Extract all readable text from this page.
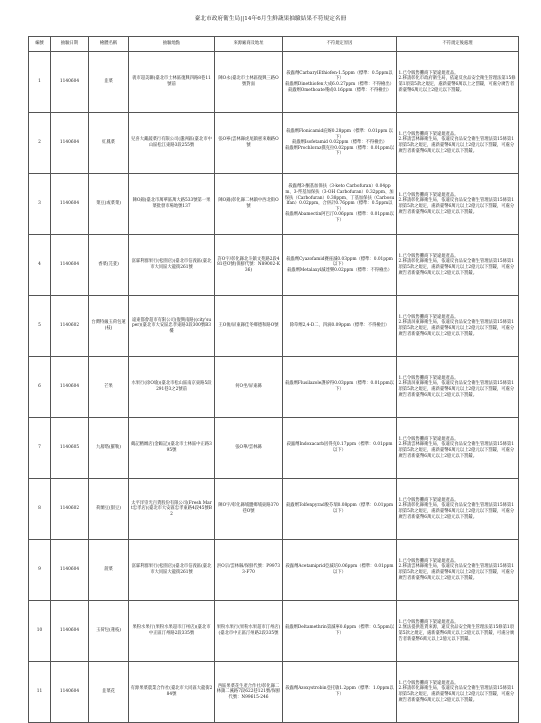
臺北市政府衛生局||14年6月生鮮蔬果抽驗結果不符規定名冊
編號	抽驗日期	檢體名稱	抽驗地點	來源廠商及地址	不符規定原因	不符規定後處理
1	1140604	韭菜	義市超美聯(臺北市士林區復興四路8巷11號前	陳O永(臺北市士林區復興三路O號對面	殺蟲劑CarbarylEthiofen-1.5ppm（標準：0.5ppm以下）
殺蟲劑Dinethiofen大成6.0.27ppm（標準：不得檢出）
殺蟲劑Omethoate殘成0.16ppm（標準：不得檢出）	1.已令販售攤商下架違規產品。
2.移請彰化市政府衛生局，依違反食品安全衛生管理法第15條第1項第5款之規定，處新臺幣6萬以上之罰鍰，可處分廣告者新臺幣6萬元以上2億元以下罰鍰。

2	1140604	紅鳳菜	兒喜大藏蔬菜行有限公司(蘆洲區(臺北市中山區松江東路3段255號	張O寧(雲林縣虎尾鎮惠來廟路O號	殺蟲劑Flonicamid庇蚜0.28ppm（標準：0.01ppm 以下）
殺蟲劑Isofetamid 0.02ppm（標準：不得檢出）
殺蟲劑Prochloraz撲克拉0.02ppm（標準：0.01ppm以下）	1.已令販售攤商下架違規產品。
2.移請雲林縣衛生局，依違反食品安全衛生管理法第15條第1項第5款之規定，處新臺幣6萬元以上2億元以下罰鍰，可處分廣告者新臺幣6萬元以上2億元以下罰鍰。

3	1140604	菜豆(或菜菜)	陳O錦(臺北市萬華區萬大路533號第一果菜批發市場地號137	陳O錦(彰化縣二林鎮中西北街O號	殺蟲劑3-酮基加保扶（3-keto Carbofuran）0.04ppm、3-羥基加保扶（3-OH Carbofuran）0.32ppm、加保扶（Carbofuran）0.38ppm、丁基加保扶（Carbosulfan）0.02ppm，合併計0.76ppm（標準：0.5ppm以下）
殺蟲劑Abamectin阿巴汀0.06ppm（標準：0.01ppm以下）	1.已令販售攤商下架違規產品。
2.移請彰化縣衛生局，依違反食品安全衛生管理法第15條第1項第5款之規定，處新臺幣6萬元以上2億元以下罰鍰，可處分廣告者新臺幣6萬元以上2億元以下罰鍰。

4	1140604	香菜(芫荽)	富霖利群果行(松園店)(臺北市信義區(臺北市大同區大龍街261號	許O宇/彰化縣北斗鎮文苑路2段481巷O號(保鮮代號：N89002-K36)	殺蟲劑Cyazofamid賽座滅0.03ppm（標準：0.01ppm以下）
殺蟲劑Metalaxyl滅達樂0.02ppm（標準：不得檢出）	1.已令販售攤商下架違規產品。
2.移請彰化縣衛生局，依違反食品安全衛生管理法第15條第1項第5款之規定，處新臺幣6萬元以上2億元以下罰鍰，可處分廣告者新臺幣6萬元以上2億元以下罰鍰。

5	1140602	台灣特級玉荷包蓮(枝)	遠東都會超市有限公司(復興南路)(city'super)(臺北市大安區忠孝東路3段300號B3樓	王O俊/屏東縣佳冬鄉德和路O號	除草劑2,4-D二、四滴0.09ppm（標準：不得檢出）	1.已令販售攤商下架違規產品。
2.移請屏東縣衛生局，依違反食品安全衛生管理法第15條第1項第5款之規定，處新臺幣6萬元以上2億元以下罰鍰，可處分廣告者新臺幣6萬元以上2億元以下罰鍰。

6	1140604	芒果	水果行(徐O瑜)(臺北市松山區南京東路5段291巷3之2號前	何O坐/屏東縣	殺蟲劑Flusilazole護矽得0.03ppm（標準：0.01ppm以下）	1.已令販售攤商下架違規產品。
2.移請屏東縣衛生局，依違反食品安全衛生管理法第15條第1項第5款之規定，處新臺幣6萬元以上2億元以下罰鍰，可處分廣告者新臺幣6萬元以上2億元以下罰鍰。

7	1140605	九層塔(羅勒)	鶴記精緻店(金鶴記)(臺北市士林區中正路395號	張O華/雲林縣	殺蟲劑Indoxacarb因得克0.17ppm（標準：0.01ppm以下）	1.已令販售攤商下架違規產品。
2.移請雲林縣衛生局，依違反食品安全衛生管理法第15條第1項第5款之規定，處新臺幣6萬元以上2億元以下罰鍰，可處分廣告者新臺幣6萬元以上2億元以下罰鍰。

8	1140602	荷蘭豆(甜豆)	太平洋崇光百貨股份有限公司(Fresh Mart忠孝店)(臺北市大安區忠孝東路4段45號B2	陳O宇/彰化縣埔鹽鄉埔東路370巷O號	殺蟲劑Tolfenpyrad脫芬瑞0.08ppm（標準：0.01ppm以下）	1.已令販售攤商下架違規產品。
2.移請彰化縣衛生局，依違反食品安全衛生管理法第15條第1項第5款之規定，處新臺幣6萬元以上2億元以下罰鍰，可處分廣告者新臺幣6萬元以上2億元以下罰鍰。

9	1140604	菠菜	富霖利群果行(松園店)(臺北市信義區(臺北市大同區大龍街261號	洪O宗/雲林縣/保鮮代號：P99733-F70	殺蟲劑Acetamiprid亞滅培0.06ppm（標準：0.01ppm以下）	1.已令販售攤商下架違規產品。
2.移請雲林縣衛生局，依違反食品安全衛生管理法第15條第1項第5款之規定，處新臺幣6萬元以上2億元以下罰鍰，可處分廣告者新臺幣6萬元以上2億元以下罰鍰。

10	1140604	玉荷包(蓮枝)	果粉水果行(果粉水果超市汀州店)(臺北市中正區汀州路2段335號	果粉水果行(果粉水果超市汀州店)(臺北市中正區汀州路2段335號	殺蟲劑Deltamethrin第滅寧0.6ppm（標準：0.5ppm以下）	1.已令販售攤商下架違規產品。
2.無法提供進貨來源，違反食品安全衛生管理法第15條第1項第5款之規定，處新臺幣6萬元以上2億元以下罰鍰，可處分廣告者新臺幣6萬元以上2億元以下罰鍰。

11	1140604	韭菜花	有源果菜農業合作社(臺北市大同區大龍街284號	西區果菜花生產合作社/彰化縣二林鎮二溪路7段622巷121號/保鮮代號：N99615-246	殺蟲劑Azoxystrobin亞托敏1.2ppm（標準：1.0ppm以下）	1.已令販售攤商下架違規產品。
2.移請彰化縣衛生局，依違反食品安全衛生管理法第15條第1項第5款之規定，處新臺幣6萬元以上2億元以下罰鍰，可處分廣告者新臺幣6萬元以上2億元以下罰鍰。
